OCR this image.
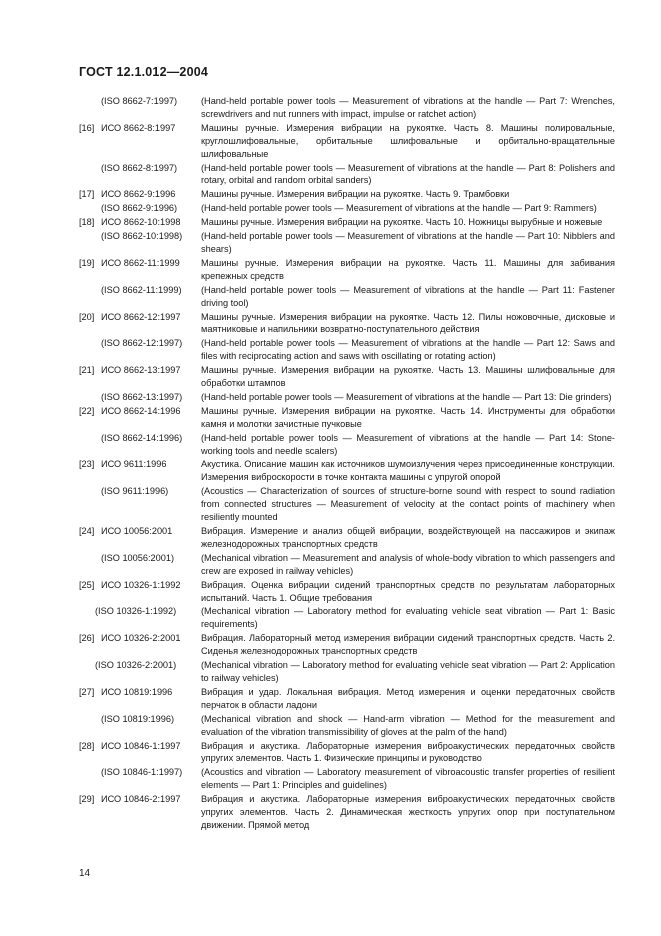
ГОСТ 12.1.012—2004
(ISO 8662-7:1997)	(Hand-held portable power tools — Measurement of vibrations at the handle — Part 7: Wrenches, screwdrivers and nut runners with impact, impulse or ratchet action)
[16] ИСО 8662-8:1997	Машины ручные. Измерения вибрации на рукоятке. Часть 8. Машины полировальные, круглошлифовальные, орбитальные шлифовальные и орбитально-вращательные шлифовальные
(ISO 8662-8:1997)	(Hand-held portable power tools — Measurement of vibrations at the handle — Part 8: Polishers and rotary, orbital and random orbital sanders)
[17] ИСО 8662-9:1996	Машины ручные. Измерения вибрации на рукоятке. Часть 9. Трамбовки
(ISO 8662-9:1996)	(Hand-held portable power tools — Measurement of vibrations at the handle — Part 9: Rammers)
[18] ИСО 8662-10:1998 Машины ручные. Измерения вибрации на рукоятке. Часть 10. Ножницы вырубные и ножевые
(ISO 8662-10:1998) (Hand-held portable power tools — Measurement of vibrations at the handle — Part 10: Nibblers and shears)
[19] ИСО 8662-11:1999 Машины ручные. Измерения вибрации на рукоятке. Часть 11. Машины для забивания крепежных средств
(ISO 8662-11:1999) (Hand-held portable power tools — Measurement of vibrations at the handle — Part 11: Fastener driving tool)
[20] ИСО 8662-12:1997 Машины ручные. Измерения вибрации на рукоятке. Часть 12. Пилы ножовочные, дисковые и маятниковые и напильники возвратно-поступательного действия
(ISO 8662-12:1997) (Hand-held portable power tools — Measurement of vibrations at the handle — Part 12: Saws and files with reciprocating action and saws with oscillating or rotating action)
[21] ИСО 8662-13:1997 Машины ручные. Измерения вибрации на рукоятке. Часть 13. Машины шлифовальные для обработки штампов
(ISO 8662-13:1997) (Hand-held portable power tools — Measurement of vibrations at the handle — Part 13: Die grinders)
[22] ИСО 8662-14:1996 Машины ручные. Измерения вибрации на рукоятке. Часть 14. Инструменты для обработки камня и молотки зачистные пучковые
(ISO 8662-14:1996) (Hand-held portable power tools — Measurement of vibrations at the handle — Part 14: Stone-working tools and needle scalers)
[23] ИСО 9611:1996	Акустика. Описание машин как источников шумоизлучения через присоединенные конструкции. Измерения виброскорости в точке контакта машины с упругой опорой
(ISO 9611:1996)	(Acoustics — Characterization of sources of structure-borne sound with respect to sound radiation from connected structures — Measurement of velocity at the contact points of machinery when resiliently mounted
[24] ИСО 10056:2001	Вибрация. Измерение и анализ общей вибрации, воздействующей на пассажиров и экипаж железнодорожных транспортных средств
(ISO 10056:2001)	(Mechanical vibration — Measurement and analysis of whole-body vibration to which passengers and crew are exposed in railway vehicles)
[25] ИСО 10326-1:1992 Вибрация. Оценка вибрации сидений транспортных средств по результатам лабораторных испытаний. Часть 1. Общие требования
(ISO 10326-1:1992)	(Mechanical vibration — Laboratory method for evaluating vehicle seat vibration — Part 1: Basic requirements)
[26] ИСО 10326-2:2001 Вибрация. Лабораторный метод измерения вибрации сидений транспортных средств. Часть 2. Сиденья железнодорожных транспортных средств
(ISO 10326-2:2001)	(Mechanical vibration — Laboratory method for evaluating vehicle seat vibration — Part 2: Application to railway vehicles)
[27] ИСО 10819:1996	Вибрация и удар. Локальная вибрация. Метод измерения и оценки передаточных свойств перчаток в области ладони
(ISO 10819:1996)	(Mechanical vibration and shock — Hand-arm vibration — Method for the measurement and evaluation of the vibration transmissibility of gloves at the palm of the hand)
[28] ИСО 10846-1:1997 Вибрация и акустика. Лабораторные измерения виброакустических передаточных свойств упругих элементов. Часть 1. Физические принципы и руководство
(ISO 10846-1:1997) (Acoustics and vibration — Laboratory measurement of vibroacoustic transfer properties of resilient elements — Part 1: Principles and guidelines)
[29] ИСО 10846-2:1997 Вибрация и акустика. Лабораторные измерения виброакустических передаточных свойств упругих элементов. Часть 2. Динамическая жесткость упругих опор при поступательном движении. Прямой метод
14
